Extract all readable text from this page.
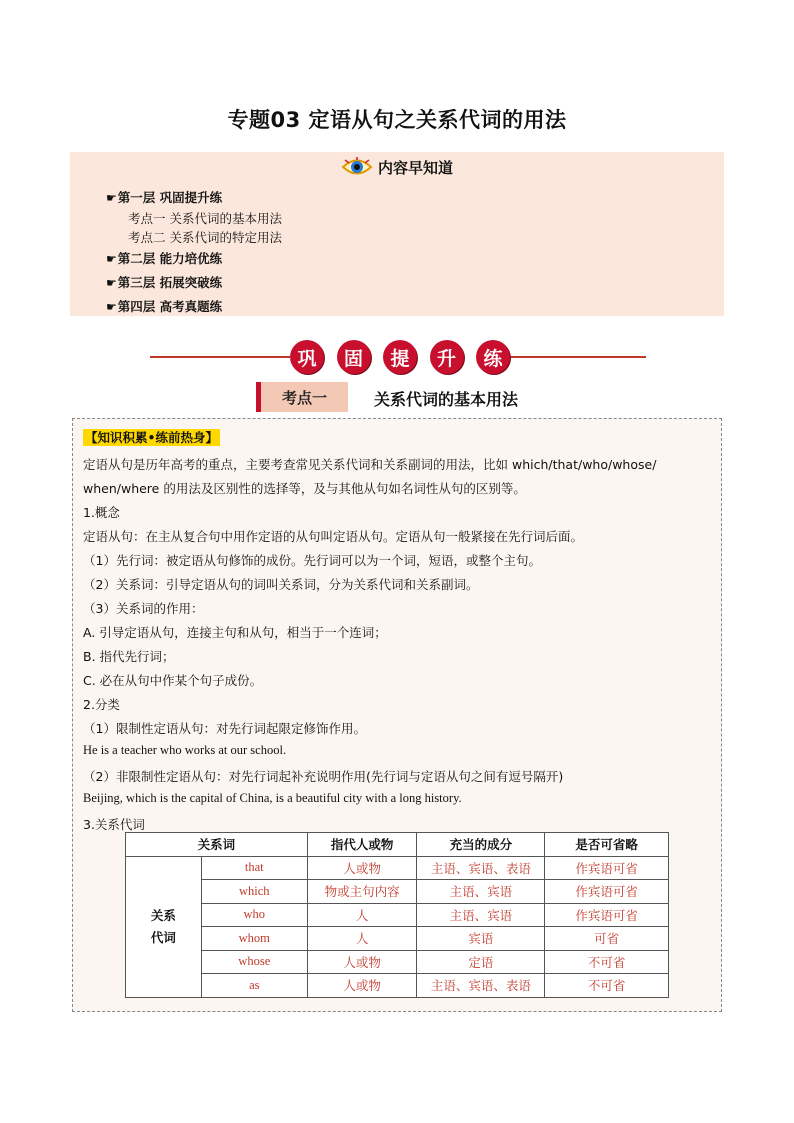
专题03 定语从句之关系代词的用法
内容早知道
☛第一层 巩固提升练
考点一 关系代词的基本用法
考点二 关系代词的特定用法
☛第二层 能力培优练
☛第三层 拓展突破练
☛第四层 高考真题练
巩	固	提	升	练
考点一	关系代词的基本用法
【知识积累•练前热身】
定语从句是历年高考的重点，主要考查常见关系代词和关系副词的用法，比如 which/that/who/whose/
when/where 的用法及区别性的选择等，及与其他从句如名词性从句的区别等。
1.概念
定语从句：在主从复合句中用作定语的从句叫定语从句。定语从句一般紧接在先行词后面。
（1）先行词：被定语从句修饰的成份。先行词可以为一个词，短语，或整个主句。
（2）关系词：引导定语从句的词叫关系词，分为关系代词和关系副词。
（3）关系词的作用：
A. 引导定语从句，连接主句和从句，相当于一个连词；
B. 指代先行词；
C. 必在从句中作某个句子成份。
2.分类
（1）限制性定语从句：对先行词起限定修饰作用。
He is a teacher who works at our school.
（2）非限制性定语从句：对先行词起补充说明作用(先行词与定语从句之间有逗号隔开)
Beijing, which is the capital of China, is a beautiful city with a long history.
3.关系代词
关系词		指代人或物	充当的成分	是否可省略
关系
代词	that	人或物	主语、宾语、表语	作宾语可省
	which	物或主句内容	主语、宾语	作宾语可省
	who	人	主语、宾语	作宾语可省
	whom	人	宾语	可省
	whose	人或物	定语	不可省
	as	人或物	主语、宾语、表语	不可省
